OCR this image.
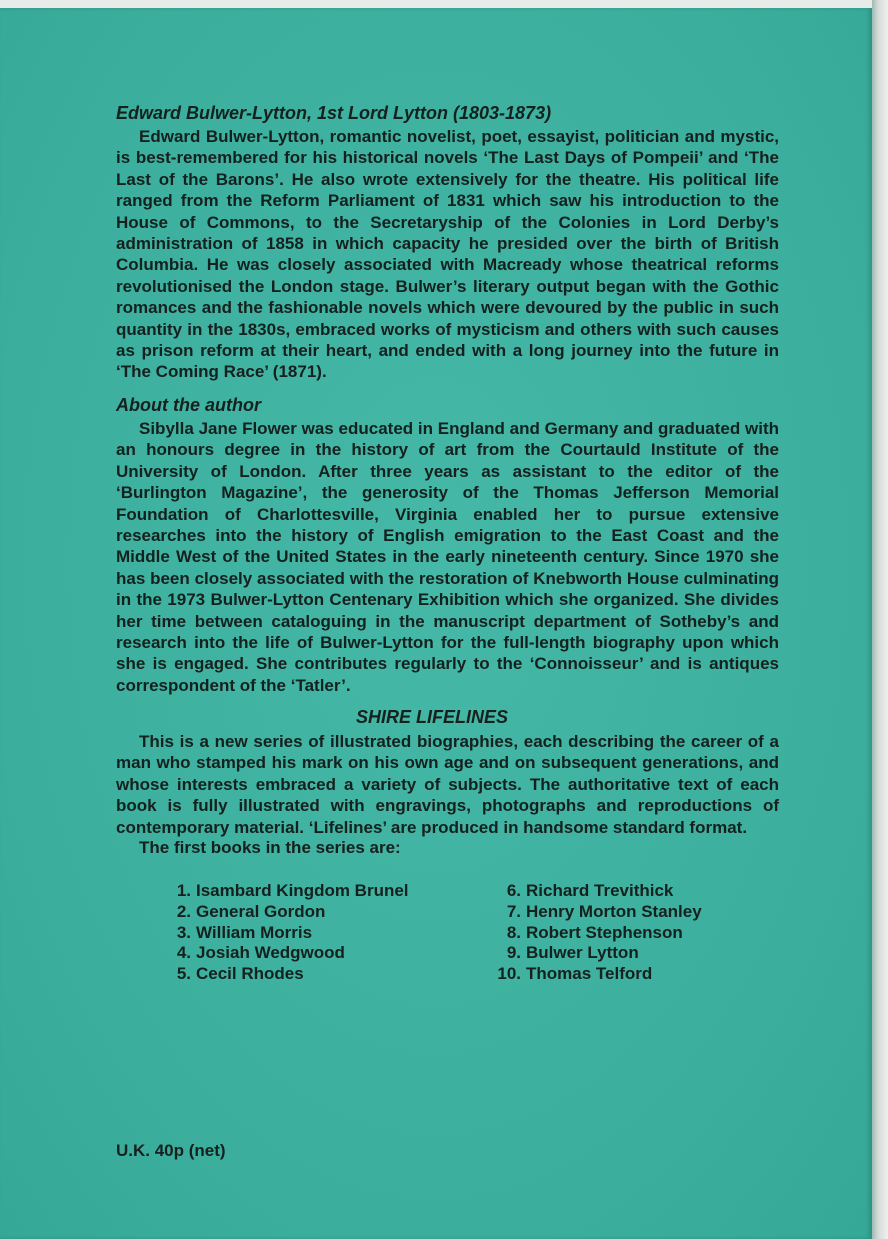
Edward Bulwer-Lytton, 1st Lord Lytton (1803-1873)

Edward Bulwer-Lytton, romantic novelist, poet, essayist, politician and mystic, is best-remembered for his historical novels ‘The Last Days of Pompeii’ and ‘The Last of the Barons’. He also wrote extensively for the theatre. His political life ranged from the Reform Parliament of 1831 which saw his introduction to the House of Commons, to the Secretaryship of the Colonies in Lord Derby’s administration of 1858 in which capacity he presided over the birth of British Columbia. He was closely associated with Macready whose theatrical reforms revolutionised the London stage. Bulwer’s literary output began with the Gothic romances and the fashionable novels which were devoured by the public in such quantity in the 1830s, embraced works of mysticism and others with such causes as prison reform at their heart, and ended with a long journey into the future in ‘The Coming Race’ (1871).

About the author

Sibylla Jane Flower was educated in England and Germany and graduated with an honours degree in the history of art from the Courtauld Institute of the University of London. After three years as assistant to the editor of the ‘Burlington Magazine’, the generosity of the Thomas Jefferson Memorial Foundation of Charlottesville, Virginia enabled her to pursue extensive researches into the history of English emigration to the East Coast and the Middle West of the United States in the early nineteenth century. Since 1970 she has been closely associated with the restoration of Knebworth House culminating in the 1973 Bulwer-Lytton Centenary Exhibition which she organized. She divides her time between cataloguing in the manuscript department of Sotheby’s and research into the life of Bulwer-Lytton for the full-length biography upon which she is engaged. She contributes regularly to the ‘Connoisseur’ and is antiques correspondent of the ‘Tatler’.

SHIRE LIFELINES

This is a new series of illustrated biographies, each describing the career of a man who stamped his mark on his own age and on subsequent generations, and whose interests embraced a variety of subjects. The authoritative text of each book is fully illustrated with engravings, photographs and reproductions of contemporary material. ‘Lifelines’ are produced in handsome standard format.

The first books in the series are:

1. Isambard Kingdom Brunel
2. General Gordon
3. William Morris
4. Josiah Wedgwood
5. Cecil Rhodes
6. Richard Trevithick
7. Henry Morton Stanley
8. Robert Stephenson
9. Bulwer Lytton
10. Thomas Telford
U.K. 40p (net)
